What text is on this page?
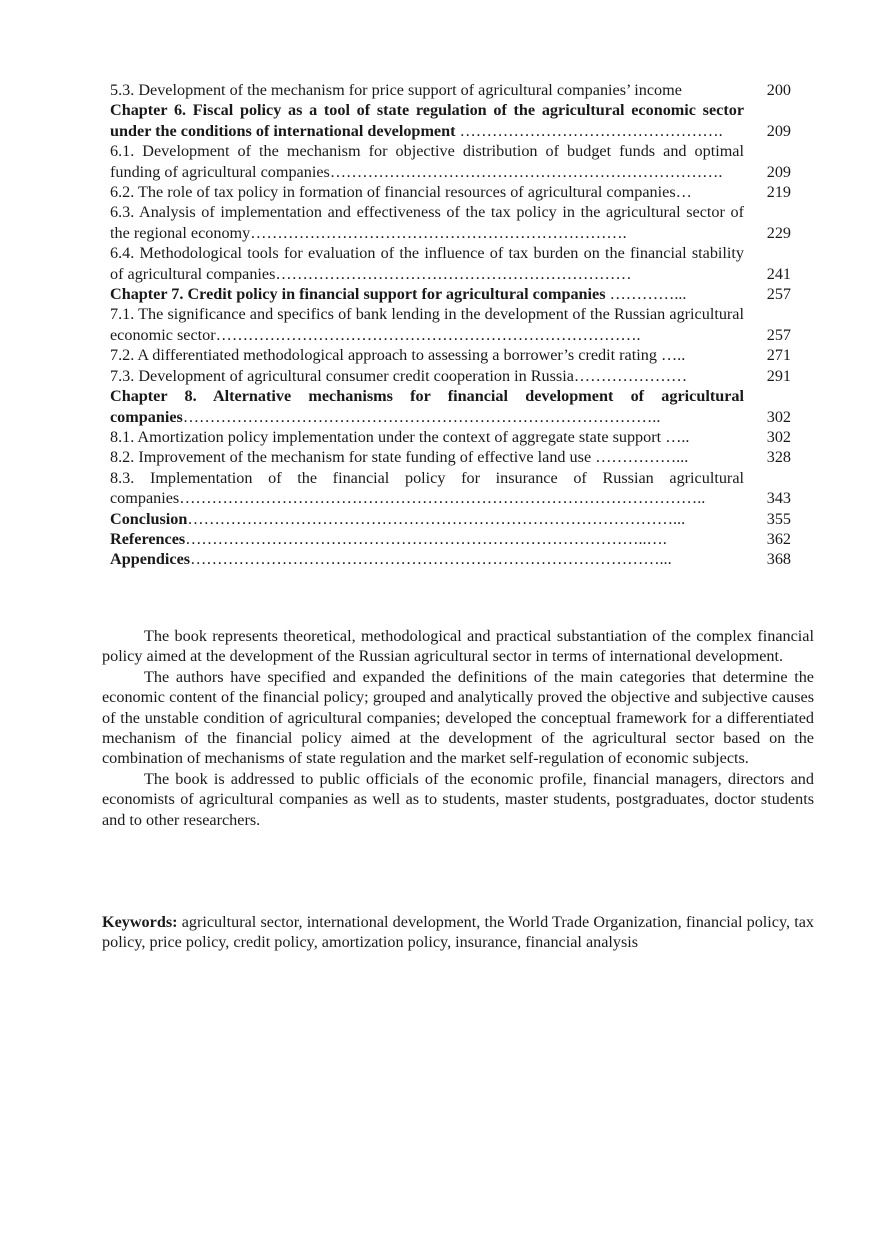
5.3. Development of the mechanism for price support of agricultural companies’ income	200
Chapter 6. Fiscal policy as a tool of state regulation of the agricultural economic sector under the conditions of international development ………………………………………….	209
6.1. Development of the mechanism for objective distribution of budget funds and optimal funding of agricultural companies……………………………………………………………….	209
6.2. The role of tax policy in formation of financial resources of agricultural companies…	219
6.3. Analysis of implementation and effectiveness of the tax policy in the agricultural sector of the regional economy…………………………………………………………….	229
6.4. Methodological tools for evaluation of the influence of tax burden on the financial stability of agricultural companies…………………………………………………………	241
Chapter 7. Credit policy in financial support for agricultural companies …………...	257
7.1. The significance and specifics of bank lending in the development of the Russian agricultural economic sector…………………………………………………………………….	257
7.2. A differentiated methodological approach to assessing a borrower’s credit rating …..	271
7.3. Development of agricultural consumer credit cooperation in Russia…………………	291
Chapter 8. Alternative mechanisms for financial development of agricultural companies……………………………………………………………………………..	302
8.1. Amortization policy implementation under the context of aggregate state support …..	302
8.2. Improvement of the mechanism for state funding of effective land use ……………...	328
8.3. Implementation of the financial policy for insurance of Russian agricultural companies……………………………………………………………………………………..	343
Conclusion………………………………………………………………………………...	355
References…………………………………………………………………………..….	362
Appendices……………………………………………………………………………...	368

The book represents theoretical, methodological and practical substantiation of the complex financial policy aimed at the development of the Russian agricultural sector in terms of international development.

The authors have specified and expanded the definitions of the main categories that determine the economic content of the financial policy; grouped and analytically proved the objective and subjective causes of the unstable condition of agricultural companies; developed the conceptual framework for a differentiated mechanism of the financial policy aimed at the development of the agricultural sector based on the combination of mechanisms of state regulation and the market self-regulation of economic subjects.

The book is addressed to public officials of the economic profile, financial managers, directors and economists of agricultural companies as well as to students, master students, postgraduates, doctor students and to other researchers.

Keywords: agricultural sector, international development, the World Trade Organization, financial policy, tax policy, price policy, credit policy, amortization policy, insurance, financial analysis
